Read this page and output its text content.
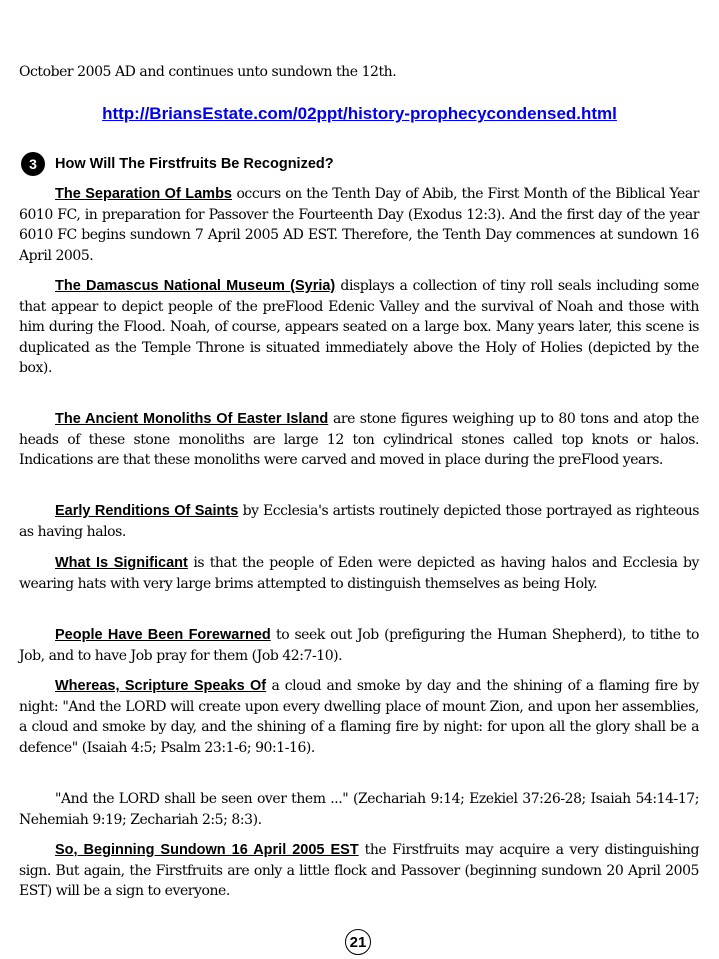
October 2005 AD and continues unto sundown the 12th.

http://BriansEstate.com/02ppt/history-prophecycondensed.html
3	How Will The Firstfruits Be Recognized?

The Separation Of Lambs occurs on the Tenth Day of Abib, the First Month of the Biblical Year 6010 FC, in preparation for Passover the Fourteenth Day (Exodus 12:3). And the first day of the year 6010 FC begins sundown 7 April 2005 AD EST. Therefore, the Tenth Day commences at sundown 16 April 2005.

The Damascus National Museum (Syria) displays a collection of tiny roll seals including some that appear to depict people of the preFlood Edenic Valley and the survival of Noah and those with him during the Flood. Noah, of course, appears seated on a large box. Many years later, this scene is duplicated as the Temple Throne is situated immediately above the Holy of Holies (depicted by the box).

The Ancient Monoliths Of Easter Island are stone figures weighing up to 80 tons and atop the heads of these stone monoliths are large 12 ton cylindrical stones called top knots or halos. Indications are that these monoliths were carved and moved in place during the preFlood years.

Early Renditions Of Saints by Ecclesia's artists routinely depicted those portrayed as righteous as having halos.

What Is Significant is that the people of Eden were depicted as having halos and Ecclesia by wearing hats with very large brims attempted to distinguish themselves as being Holy.

People Have Been Forewarned to seek out Job (prefiguring the Human Shepherd), to tithe to Job, and to have Job pray for them (Job 42:7-10).

Whereas, Scripture Speaks Of a cloud and smoke by day and the shining of a flaming fire by night: "And the LORD will create upon every dwelling place of mount Zion, and upon her assemblies, a cloud and smoke by day, and the shining of a flaming fire by night: for upon all the glory shall be a defence" (Isaiah 4:5; Psalm 23:1-6; 90:1-16).

"And the LORD shall be seen over them ..." (Zechariah 9:14; Ezekiel 37:26-28; Isaiah 54:14-17; Nehemiah 9:19; Zechariah 2:5; 8:3).

So, Beginning Sundown 16 April 2005 EST the Firstfruits may acquire a very distinguishing sign. But again, the Firstfruits are only a little flock and Passover (beginning sundown 20 April 2005 EST) will be a sign to everyone.

21
